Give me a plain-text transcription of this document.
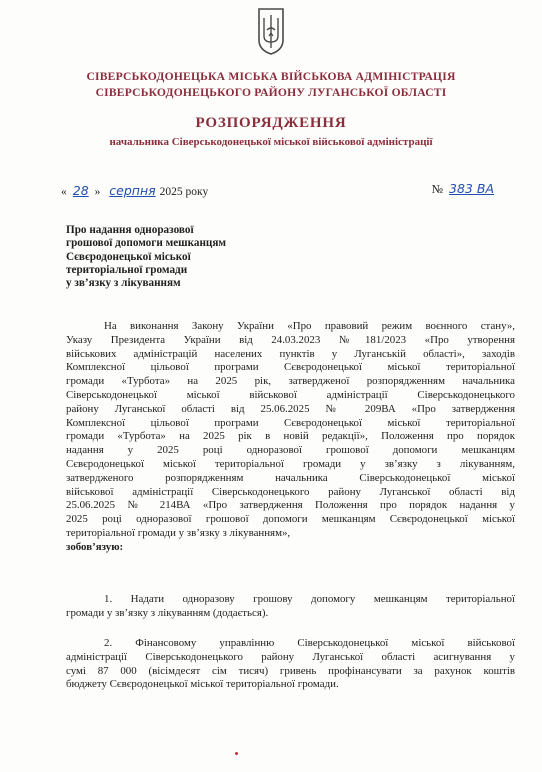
СІВЕРСЬКОДОНЕЦЬКА МІСЬКА ВІЙСЬКОВА АДМІНІСТРАЦІЯ
СІВЕРСЬКОДОНЕЦЬКОГО РАЙОНУ ЛУГАНСЬКОЇ ОБЛАСТІ
РОЗПОРЯДЖЕННЯ
начальника Сіверськодонецької міської військової адміністрації
« 28 » серпня 2025 року	№ 383 ВА
Про надання одноразової
грошової допомоги мешканцям
Сєвєродонецької міської
територіальної громади
у зв’язку з лікуванням
На виконання Закону України «Про правовий режим воєнного стану»,
Указу Президента України від 24.03.2023 №181/2023 «Про утворення
військових адміністрацій населених пунктів у Луганській області», заходів
Комплексної цільової програми Сєвєродонецької міської територіальної
громади «Турбота» на 2025 рік, затвердженої розпорядженням начальника
Сіверськодонецької міської військової адміністрації Сіверськодонецького
району Луганської області від 25.06.2025 № 209ВА «Про затвердження
Комплексної цільової програми Сєвєродонецької міської територіальної
громади «Турбота» на 2025 рік в новій редакції», Положення про порядок
надання у 2025 році одноразової грошової допомоги мешканцям
Сєвєродонецької міської територіальної громади у зв’язку з лікуванням,
затвердженого розпорядженням начальника Сіверськодонецької міської
військової адміністрації Сіверськодонецького району Луганської області від
25.06.2025 № 214ВА «Про затвердження Положення про порядок надання у
2025 році одноразової грошової допомоги мешканцям Сєвєродонецької міської
територіальної громади у зв’язку з лікуванням»,
зобов’язую:
1. Надати одноразову грошову допомогу мешканцям територіальної
громади у зв’язку з лікуванням (додається).
2. Фінансовому управлінню Сіверськодонецької міської військової
адміністрації Сіверськодонецького району Луганської області асигнування у
сумі 87 000 (вісімдесят сім тисяч) гривень профінансувати за рахунок коштів
бюджету Сєвєродонецької міської територіальної громади.
